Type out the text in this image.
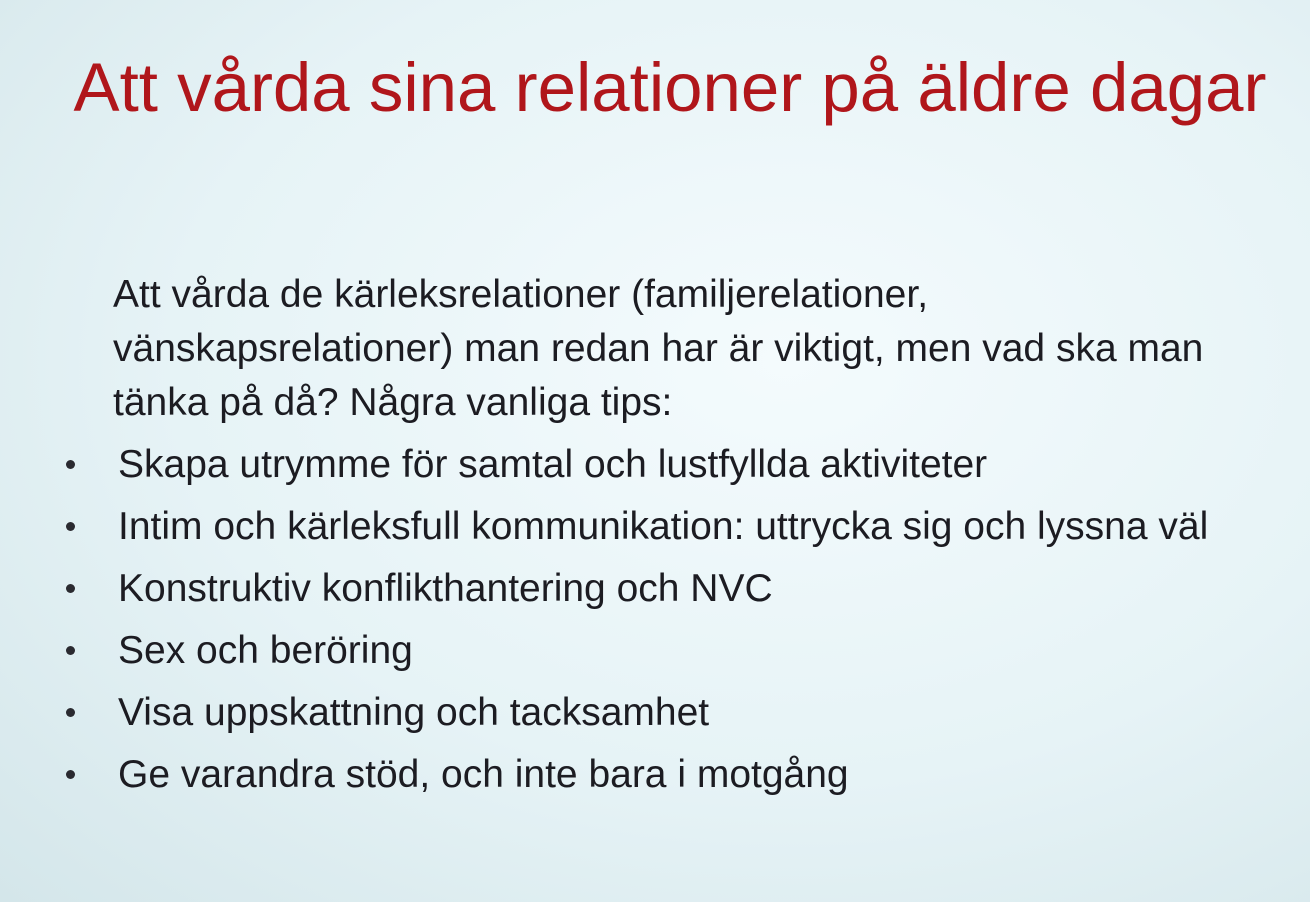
Att vårda sina relationer på äldre dagar

Att vårda de kärleksrelationer (familjerelationer, vänskapsrelationer) man redan har är viktigt, men vad ska man tänka på då? Några vanliga tips:

Skapa utrymme för samtal och lustfyllda aktiviteter
Intim och kärleksfull kommunikation: uttrycka sig och lyssna väl
Konstruktiv konflikthantering och NVC
Sex och beröring
Visa uppskattning och tacksamhet
Ge varandra stöd, och inte bara i motgång
